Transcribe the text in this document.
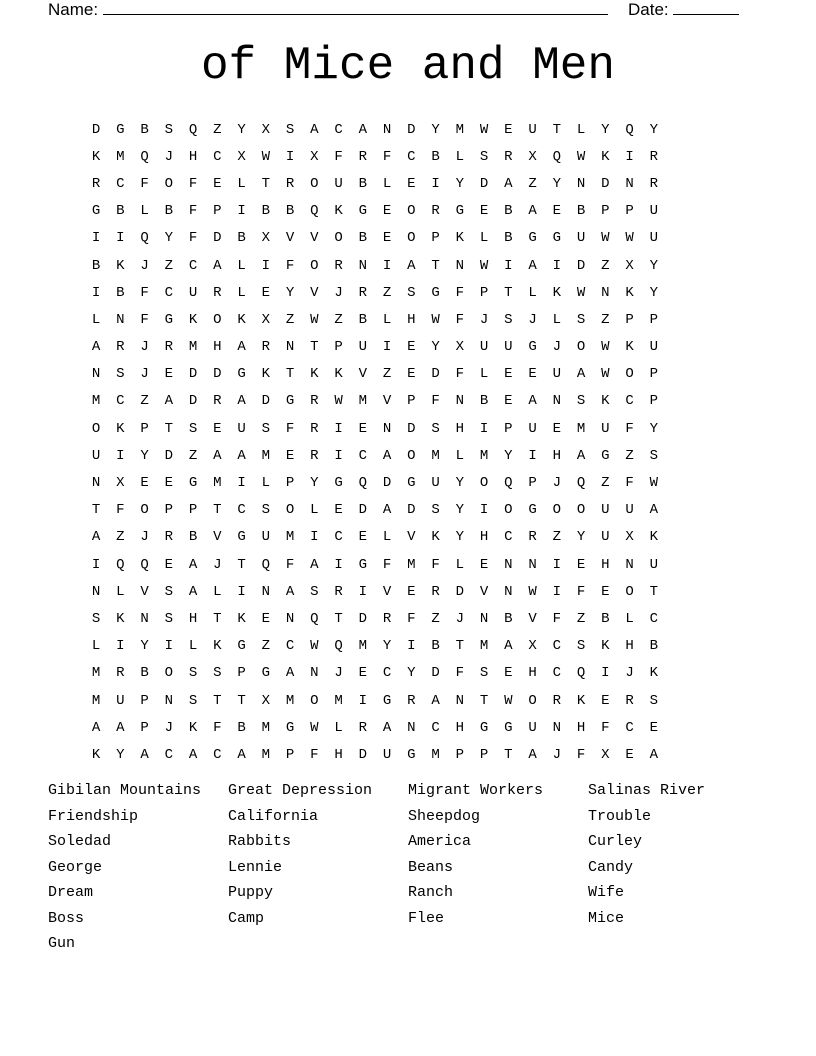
Name:	Date:
of Mice and Men
D	G	B	S	Q	Z	Y	X	S	A	C	A	N	D	Y	M	W	E	U	T	L	Y	Q	Y
K	M	Q	J	H	C	X	W	I	X	F	R	F	C	B	L	S	R	X	Q	W	K	I	R
R	C	F	O	F	E	L	T	R	O	U	B	L	E	I	Y	D	A	Z	Y	N	D	N	R
G	B	L	B	F	P	I	B	B	Q	K	G	E	O	R	G	E	B	A	E	B	P	P	U
I	I	Q	Y	F	D	B	X	V	V	O	B	E	O	P	K	L	B	G	G	U	W	W	U
B	K	J	Z	C	A	L	I	F	O	R	N	I	A	T	N	W	I	A	I	D	Z	X	Y
I	B	F	C	U	R	L	E	Y	V	J	R	Z	S	G	F	P	T	L	K	W	N	K	Y
L	N	F	G	K	O	K	X	Z	W	Z	B	L	H	W	F	J	S	J	L	S	Z	P	P
A	R	J	R	M	H	A	R	N	T	P	U	I	E	Y	X	U	U	G	J	O	W	K	U
N	S	J	E	D	D	G	K	T	K	K	V	Z	E	D	F	L	E	E	U	A	W	O	P
M	C	Z	A	D	R	A	D	G	R	W	M	V	P	F	N	B	E	A	N	S	K	C	P
O	K	P	T	S	E	U	S	F	R	I	E	N	D	S	H	I	P	U	E	M	U	F	Y
U	I	Y	D	Z	A	A	M	E	R	I	C	A	O	M	L	M	Y	I	H	A	G	Z	S
N	X	E	E	G	M	I	L	P	Y	G	Q	D	G	U	Y	O	Q	P	J	Q	Z	F	W
T	F	O	P	P	T	C	S	O	L	E	D	A	D	S	Y	I	O	G	O	O	U	U	A
A	Z	J	R	B	V	G	U	M	I	C	E	L	V	K	Y	H	C	R	Z	Y	U	X	K
I	Q	Q	E	A	J	T	Q	F	A	I	G	F	M	F	L	E	N	N	I	E	H	N	U
N	L	V	S	A	L	I	N	A	S	R	I	V	E	R	D	V	N	W	I	F	E	O	T
S	K	N	S	H	T	K	E	N	Q	T	D	R	F	Z	J	N	B	V	F	Z	B	L	C
L	I	Y	I	L	K	G	Z	C	W	Q	M	Y	I	B	T	M	A	X	C	S	K	H	B
M	R	B	O	S	S	P	G	A	N	J	E	C	Y	D	F	S	E	H	C	Q	I	J	K
M	U	P	N	S	T	T	X	M	O	M	I	G	R	A	N	T	W	O	R	K	E	R	S
A	A	P	J	K	F	B	M	G	W	L	R	A	N	C	H	G	G	U	N	H	F	C	E
K	Y	A	C	A	C	A	M	P	F	H	D	U	G	M	P	P	T	A	J	F	X	E	A
Gibilan Mountains	Great Depression	Migrant Workers	Salinas River
Friendship	California	Sheepdog	Trouble
Soledad	Rabbits	America	Curley
George	Lennie	Beans	Candy
Dream	Puppy	Ranch	Wife
Boss	Camp	Flee	Mice
Gun
